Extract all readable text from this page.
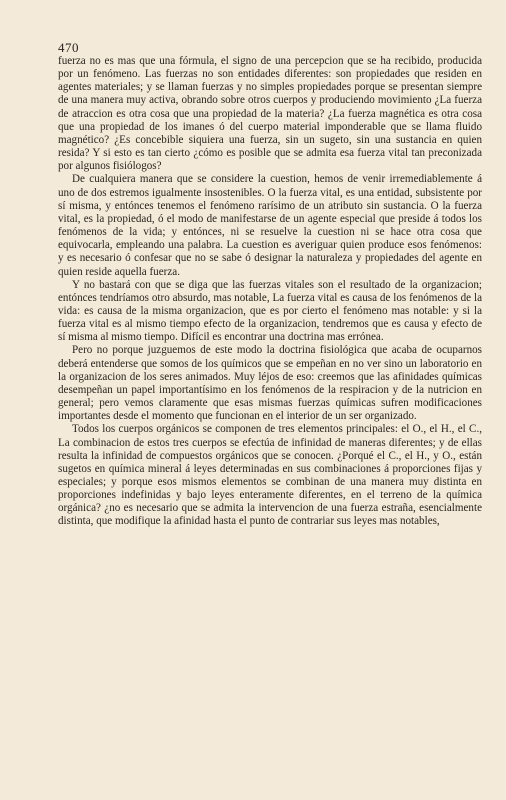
470

fuerza no es mas que una fórmula, el signo de una percepcion que se ha recibido, producida por un fenómeno. Las fuerzas no son entidades diferentes: son propiedades que residen en agentes materiales; y se llaman fuerzas y no simples propiedades porque se presentan siempre de una manera muy activa, obrando sobre otros cuerpos y produciendo movimiento ¿La fuerza de atraccion es otra cosa que una propiedad de la materia? ¿La fuerza magnética es otra cosa que una propiedad de los imanes ó del cuerpo material imponderable que se llama fluido magnético? ¿Es concebible siquiera una fuerza, sin un sugeto, sin una sustancia en quien resida? Y si esto es tan cierto ¿cómo es posible que se admita esa fuerza vital tan preconizada por algunos fisiólogos?

De cualquiera manera que se considere la cuestion, hemos de venir irremediablemente á uno de dos estremos igualmente insostenibles. O la fuerza vital, es una entidad, subsistente por sí misma, y entónces tenemos el fenómeno rarísimo de un atributo sin sustancia. O la fuerza vital, es la propiedad, ó el modo de manifestarse de un agente especial que preside á todos los fenómenos de la vida; y entónces, ni se resuelve la cuestion ni se hace otra cosa que equivocarla, empleando una palabra. La cuestion es averiguar quien produce esos fenómenos: y es necesario ó confesar que no se sabe ó designar la naturaleza y propiedades del agente en quien reside aquella fuerza.

Y no bastará con que se diga que las fuerzas vitales son el resultado de la organizacion; entónces tendríamos otro absurdo, mas notable, La fuerza vital es causa de los fenómenos de la vida: es causa de la misma organizacion, que es por cierto el fenómeno mas notable: y si la fuerza vital es al mismo tiempo efecto de la organizacion, tendremos que es causa y efecto de sí misma al mismo tiempo. Difícil es encontrar una doctrina mas errónea.

Pero no porque juzguemos de este modo la doctrina fisiológica que acaba de ocuparnos deberá entenderse que somos de los químicos que se empeñan en no ver sino un laboratorio en la organizacion de los seres animados. Muy léjos de eso: creemos que las afinidades químicas desempeñan un papel importantísimo en los fenómenos de la respiracion y de la nutricion en general; pero vemos claramente que esas mismas fuerzas químicas sufren modificaciones importantes desde el momento que funcionan en el interior de un ser organizado.

Todos los cuerpos orgánicos se componen de tres elementos principales: el O., el H., el C., La combinacion de estos tres cuerpos se efectúa de infinidad de maneras diferentes; y de ellas resulta la infinidad de compuestos orgánicos que se conocen. ¿Porqué el C., el H., y O., están sugetos en química mineral á leyes determinadas en sus combinaciones á proporciones fijas y especiales; y porque esos mismos elementos se combinan de una manera muy distinta en proporciones indefinidas y bajo leyes enteramente diferentes, en el terreno de la química orgánica? ¿no es necesario que se admita la intervencion de una fuerza estraña, esencialmente distinta, que modifique la afinidad hasta el punto de contrariar sus leyes mas notables,
